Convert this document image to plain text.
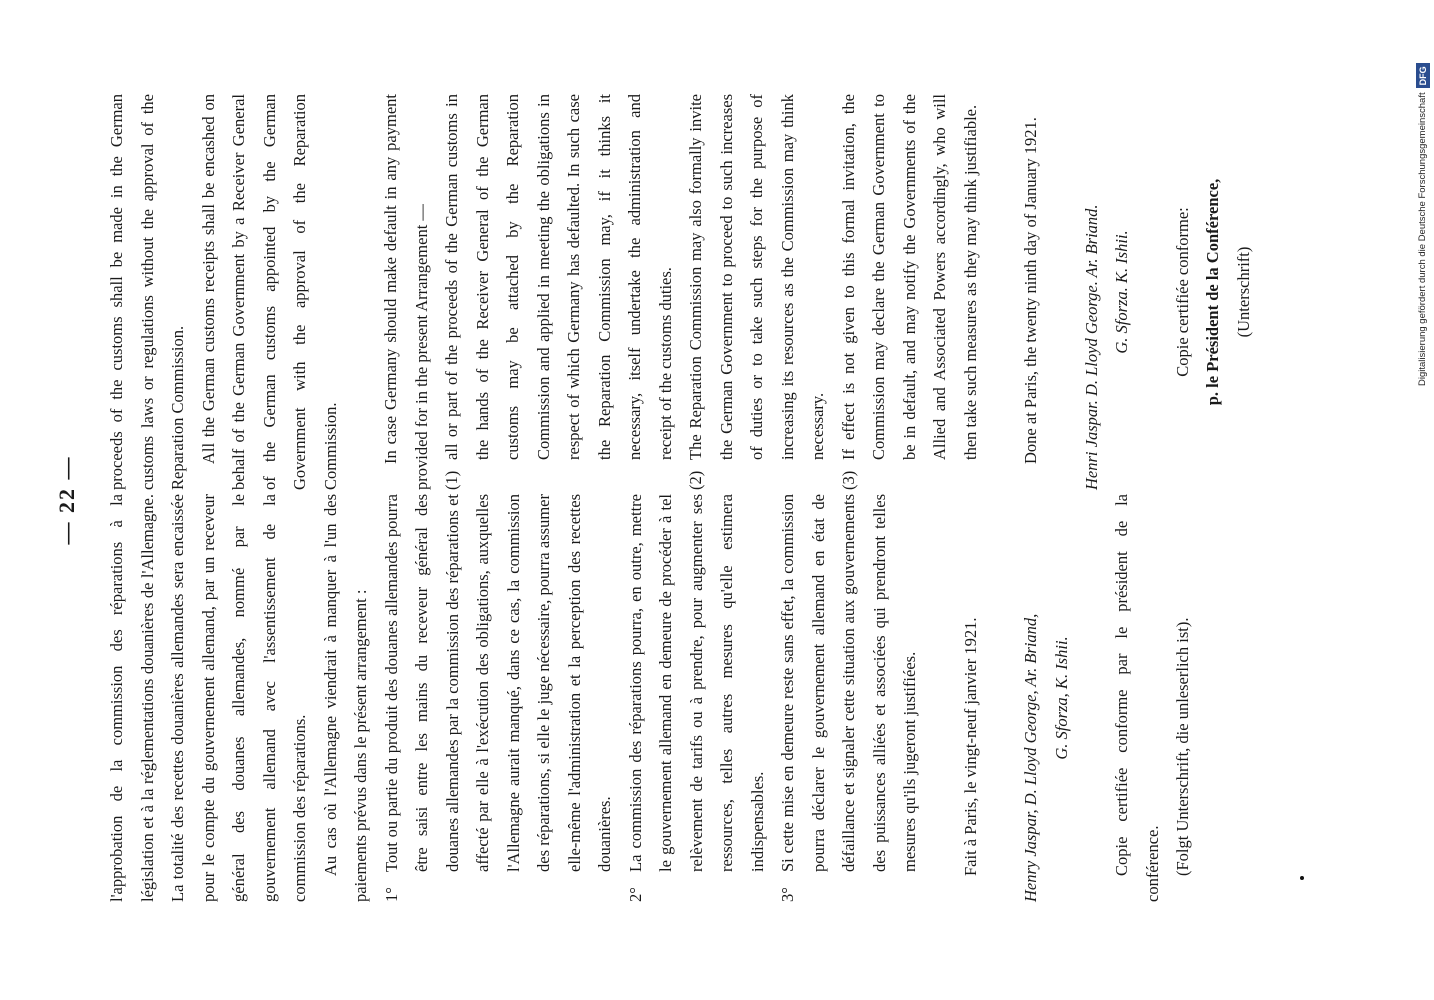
— 22 —	l'approbation de la commission des réparations à la législation et à la réglementations douanières de l'Allemagne. La totalité des recettes douanières allemandes sera encaissée pour le compte du gouvernement allemand, par un receveur général des douanes allemandes, nommé par le gouvernement allemand avec l'assentissement de la commission des réparations. Au cas où l'Allemagne viendrait à manquer à l'un des paiements prévus dans le présent arrangement : 1°

Tout ou partie du produit des douanes allemandes pourra être saisi entre les mains du receveur général des douanes allemandes par la commission des réparations et affecté par elle à l'exécution des obligations, auxquelles l'Allemagne aurait manqué, dans ce cas, la commission des réparations, si elle le juge nécessaire, pourra assumer elle-même l'administration et la perception des recettes douanières.

2°

La commission des réparations pourra, en outre, mettre le gouvernement allemand en demeure de procéder à tel relèvement de tarifs ou à prendre, pour augmenter ses ressources, telles autres mesures qu'elle estimera indispensables.

3°

Si cette mise en demeure reste sans effet, la commission pourra déclarer le gouvernement allemand en état de défaillance et signaler cette situation aux gouvernements des puissances alliées et associées qui prendront telles mesures qu'ils jugeront justifiées.	Fait à Paris, le vingt-neuf janvier 1921.	Henry Jaspar, D. Lloyd George, Ar. Briand, G. Sforza, K. Ishii.	Copie certifiée conforme par le président de la conférence. (Folgt Unterschrift, die unleserlich ist).

proceeds of the customs shall be made in the German customs laws or regulations without the approval of the Reparation Commission. All the German customs receipts shall be encashed on behalf of the German Government by a Receiver General of the German customs appointed by the German Government with the approval of the Reparation Commission.	In case Germany should make default in any payment provided for in the present Arrangement — (1)

all or part of the proceeds of the German customs in the hands of the Receiver General of the German customs may be attached by the Reparation Commission and applied in meeting the obligations in respect of which Germany has defaulted. In such case the Reparation Commission may, if it thinks it necessary, itself undertake the administration and receipt of the customs duties.

(2)

The Reparation Commission may also formally invite the German Government to proceed to such increases of duties or to take such steps for the purpose of increasing its resources as the Commission may think necessary.

(3)

If effect is not given to this formal invitation, the Commission may declare the German Government to be in default, and may notify the Governments of the Allied and Associated Powers accordingly, who will then take such measures as they may think justifiable.	Done at Paris, the twenty ninth day of January 1921.	Henri Jaspar. D. Lloyd George. Ar. Briand. G. Sforza. K. Ishii.	Copie certifiée conforme: p. le Président de la Conférence, (Unterschrift)	Digitalisierung gefördert durch die Deutsche Forschungsgemeinschaft
DFG
